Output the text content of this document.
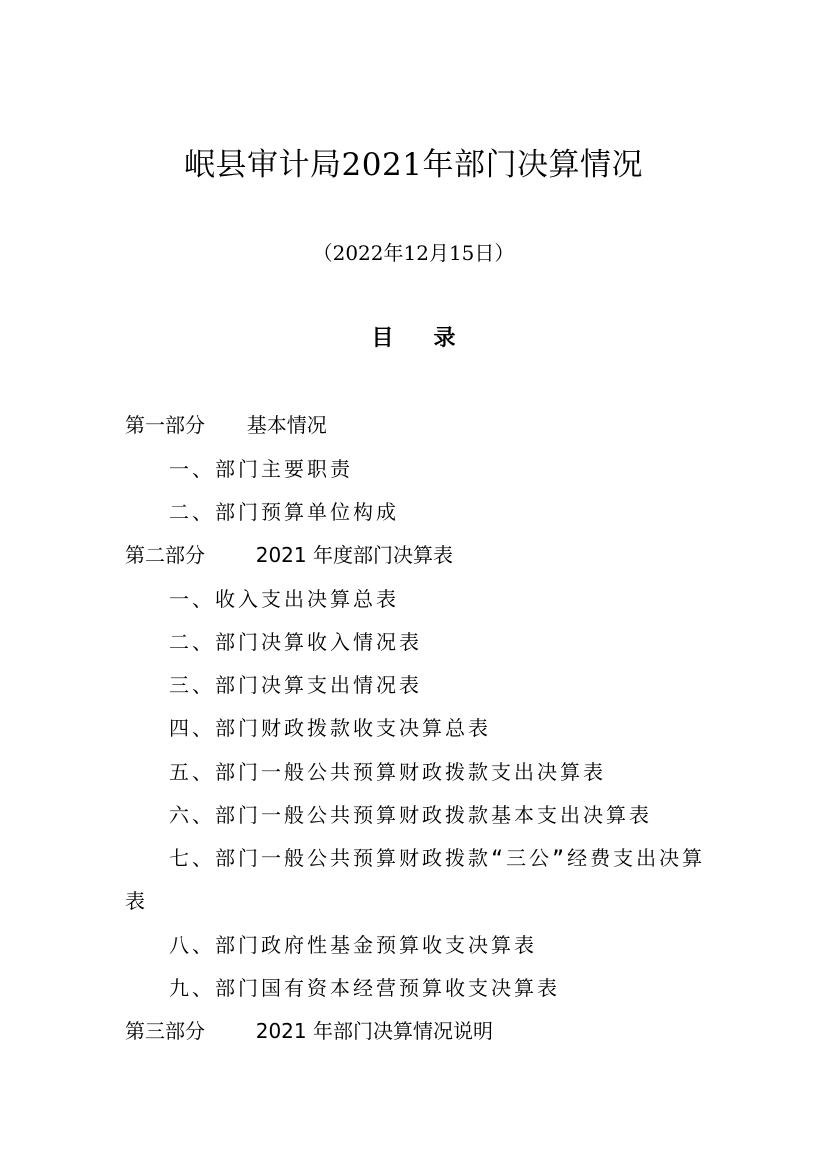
岷县审计局2021年部门决算情况
（2022年12月15日）
目 录
第一部分 基本情况
一、部门主要职责
二、部门预算单位构成
第二部分	2021 年度部门决算表
一、收入支出决算总表
二、部门决算收入情况表
三、部门决算支出情况表
四、部门财政拨款收支决算总表
五、部门一般公共预算财政拨款支出决算表
六、部门一般公共预算财政拨款基本支出决算表
七、部门一般公共预算财政拨款“三公”经费支出决算
表
八、部门政府性基金预算收支决算表
九、部门国有资本经营预算收支决算表
第三部分	2021 年部门决算情况说明
